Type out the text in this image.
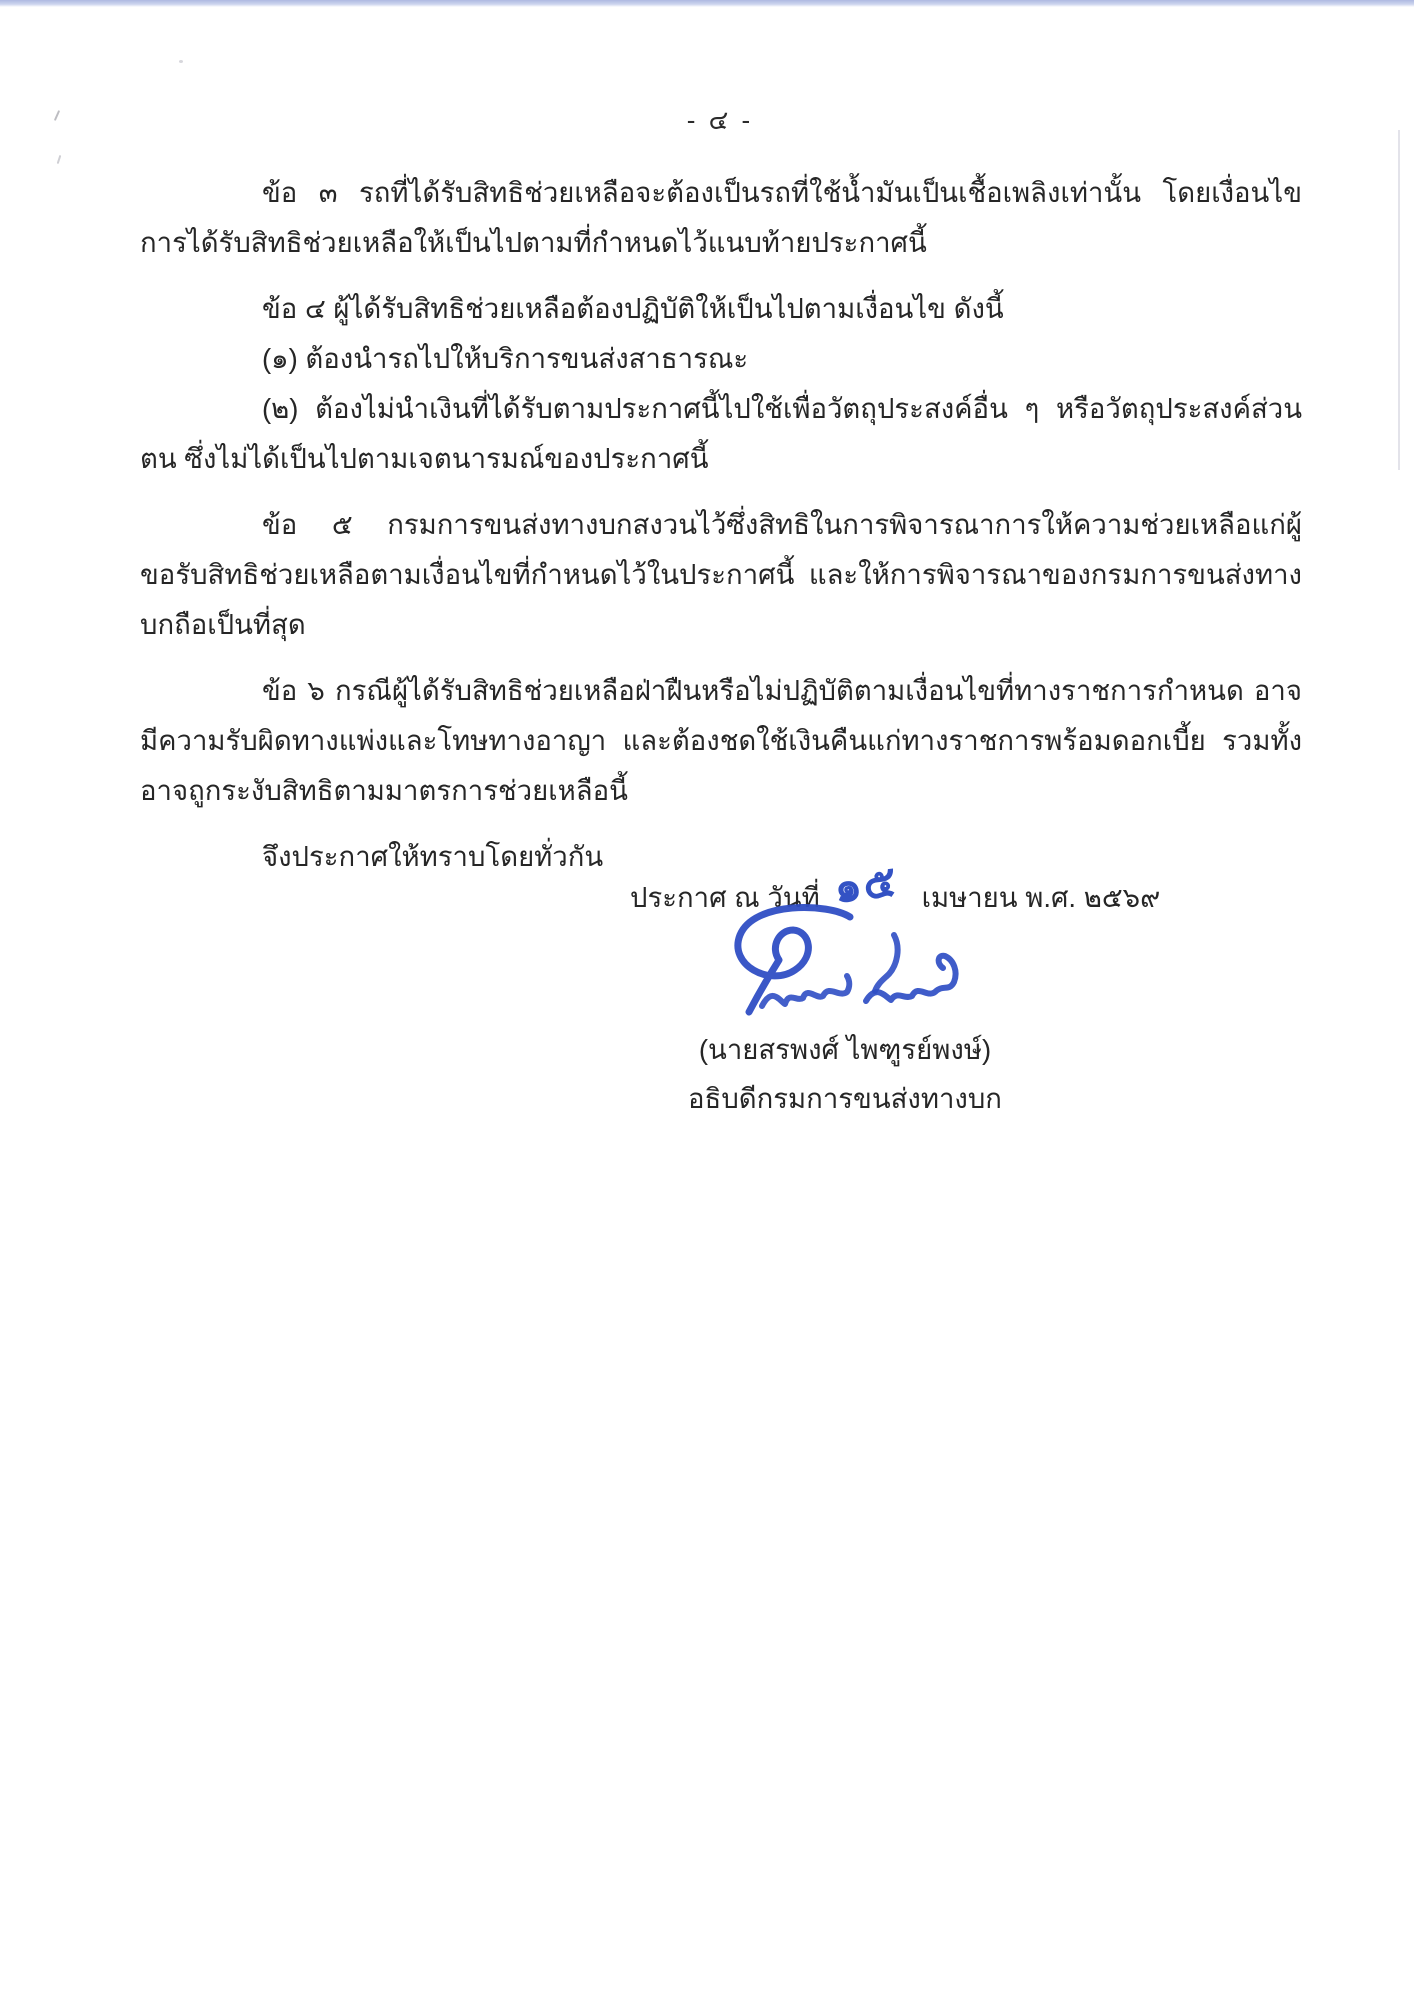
- ๔ -

ข้อ ๓ รถที่ได้รับสิทธิช่วยเหลือจะต้องเป็นรถที่ใช้น้ำมันเป็นเชื้อเพลิงเท่านั้น โดยเงื่อนไขการได้รับสิทธิช่วยเหลือให้เป็นไปตามที่กำหนดไว้แนบท้ายประกาศนี้

ข้อ ๔ ผู้ได้รับสิทธิช่วยเหลือต้องปฏิบัติให้เป็นไปตามเงื่อนไข ดังนี้

(๑) ต้องนำรถไปให้บริการขนส่งสาธารณะ

(๒) ต้องไม่นำเงินที่ได้รับตามประกาศนี้ไปใช้เพื่อวัตถุประสงค์อื่น ๆ หรือวัตถุประสงค์ส่วนตน ซึ่งไม่ได้เป็นไปตามเจตนารมณ์ของประกาศนี้

ข้อ ๕ กรมการขนส่งทางบกสงวนไว้ซึ่งสิทธิในการพิจารณาการให้ความช่วยเหลือแก่ผู้ขอรับสิทธิช่วยเหลือตามเงื่อนไขที่กำหนดไว้ในประกาศนี้ และให้การพิจารณาของกรมการขนส่งทางบกถือเป็นที่สุด

ข้อ ๖ กรณีผู้ได้รับสิทธิช่วยเหลือฝ่าฝืนหรือไม่ปฏิบัติตามเงื่อนไขที่ทางราชการกำหนด อาจมีความรับผิดทางแพ่งและโทษทางอาญา และต้องชดใช้เงินคืนแก่ทางราชการพร้อมดอกเบี้ย รวมทั้งอาจถูกระงับสิทธิตามมาตรการช่วยเหลือนี้

จึงประกาศให้ทราบโดยทั่วกัน

ประกาศ ณ วันที่ ๑๕ เมษายน พ.ศ. ๒๕๖๙
(นายสรพงศ์ ไพฑูรย์พงษ์)
อธิบดีกรมการขนส่งทางบก
